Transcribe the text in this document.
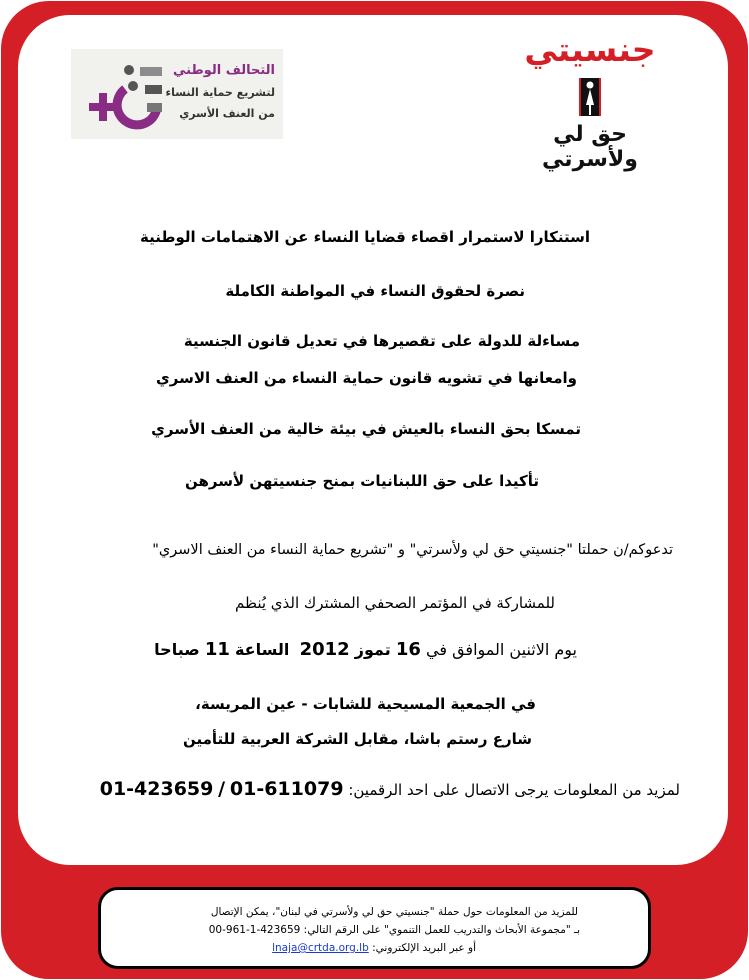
التحالف الوطني
لتشريع حماية النساء
من العنف الأسري
جنسيتي
حق لي ولأسرتي
استنكارا لاستمرار اقصاء قضايا النساء عن الاهتمامات الوطنية
نصرة لحقوق النساء في المواطنة الكاملة
مساءلة للدولة على تقصيرها في تعديل قانون الجنسية
وامعانها في تشويه قانون حماية النساء من العنف الاسري
تمسكا بحق النساء بالعيش في بيئة خالية من العنف الأسري
تأكيدا على حق اللبنانيات بمنح جنسيتهن لأسرهن
تدعوكم/ن حملتا "جنسيتي حق لي ولأسرتي" و "تشريع حماية النساء من العنف الاسري"
للمشاركة في المؤتمر الصحفي المشترك الذي يُنظم
يوم الاثنين الموافق في 16 تموز 2012  الساعة 11 صباحا
في الجمعية المسيحية للشابات - عين المريسة،
شارع رستم باشا، مقابل الشركة العربية للتأمين
لمزيد من المعلومات يرجى الاتصال على احد الرقمين: 01-611079 / 01-423659
للمزيد من المعلومات حول حملة "جنسيتي حق لي ولأسرتي في لبنان"، يمكن الإتصال
بـ "مجموعة الأبحاث والتدريب للعمل التنموي" على الرقم التالي: 423659-1-961-00
أو عبر البريد الإلكتروني: lnaja@crtda.org.lb
